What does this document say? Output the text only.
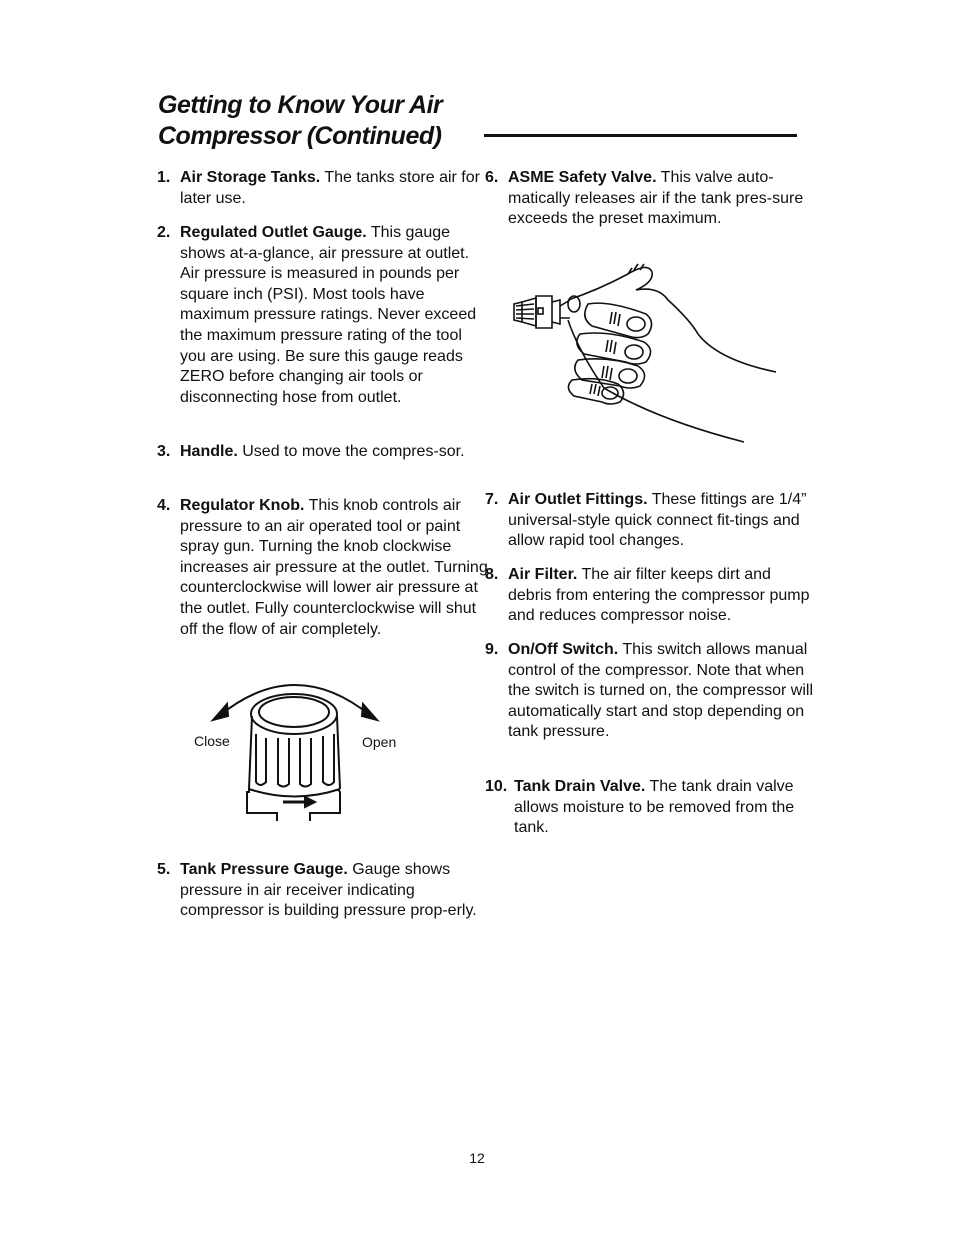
Getting to Know Your Air
Compressor (Continued)
1. Air Storage Tanks. The tanks store air for later use.
2. Regulated Outlet Gauge. This gauge shows at-a-glance, air pressure at outlet. Air pressure is measured in pounds per square inch (PSI). Most tools have maximum pressure ratings. Never exceed the maximum pressure rating of the tool you are using. Be sure this gauge reads ZERO before changing air tools or disconnecting hose from outlet.
3. Handle. Used to move the compres-sor.
4. Regulator Knob. This knob controls air pressure to an air operated tool or paint spray gun. Turning the knob clockwise increases air pressure at the outlet. Turning counterclockwise will lower air pressure at the outlet. Fully counterclockwise will shut off the flow of air completely.
Close	Open
5. Tank Pressure Gauge. Gauge shows pressure in air receiver indicating compressor is building pressure prop-erly.
6. ASME Safety Valve. This valve auto-matically releases air if the tank pres-sure exceeds the preset maximum.
7. Air Outlet Fittings. These fittings are 1/4” universal-style quick connect fit-tings and allow rapid tool changes.
8. Air Filter. The air filter keeps dirt and debris from entering the compressor pump and reduces compressor noise.
9. On/Off Switch. This switch allows manual control of the compressor. Note that when the switch is turned on, the compressor will automatically start and stop depending on tank pressure.
10. Tank Drain Valve. The tank drain valve allows moisture to be removed from the tank.
12
